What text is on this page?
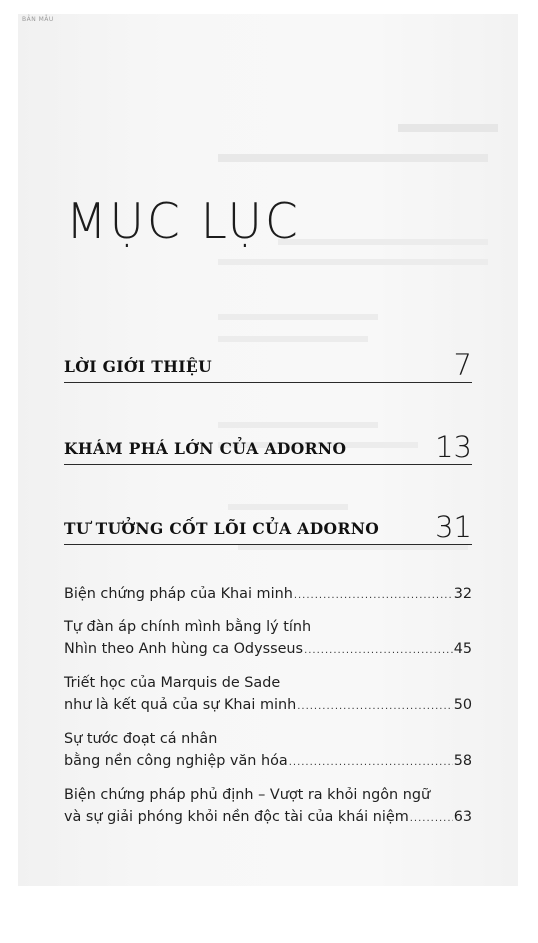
BẢN MẪU
MỤC LỤC
LỜI GIỚI THIỆU	7
KHÁM PHÁ LỚN CỦA ADORNO	13
TƯ TƯỞNG CỐT LÕI CỦA ADORNO 31
Biện chứng pháp của Khai minh .....	32
Tự đàn áp chính mình bằng lý tính
Nhìn theo Anh hùng ca Odysseus .....	45
Triết học của Marquis de Sade
như là kết quả của sự Khai minh .....	50
Sự tước đoạt cá nhân
bằng nền công nghiệp văn hóa .....	58
Biện chứng pháp phủ định – Vượt ra khỏi ngôn ngữ
và sự giải phóng khỏi nền độc tài của khái niệm .....	63
